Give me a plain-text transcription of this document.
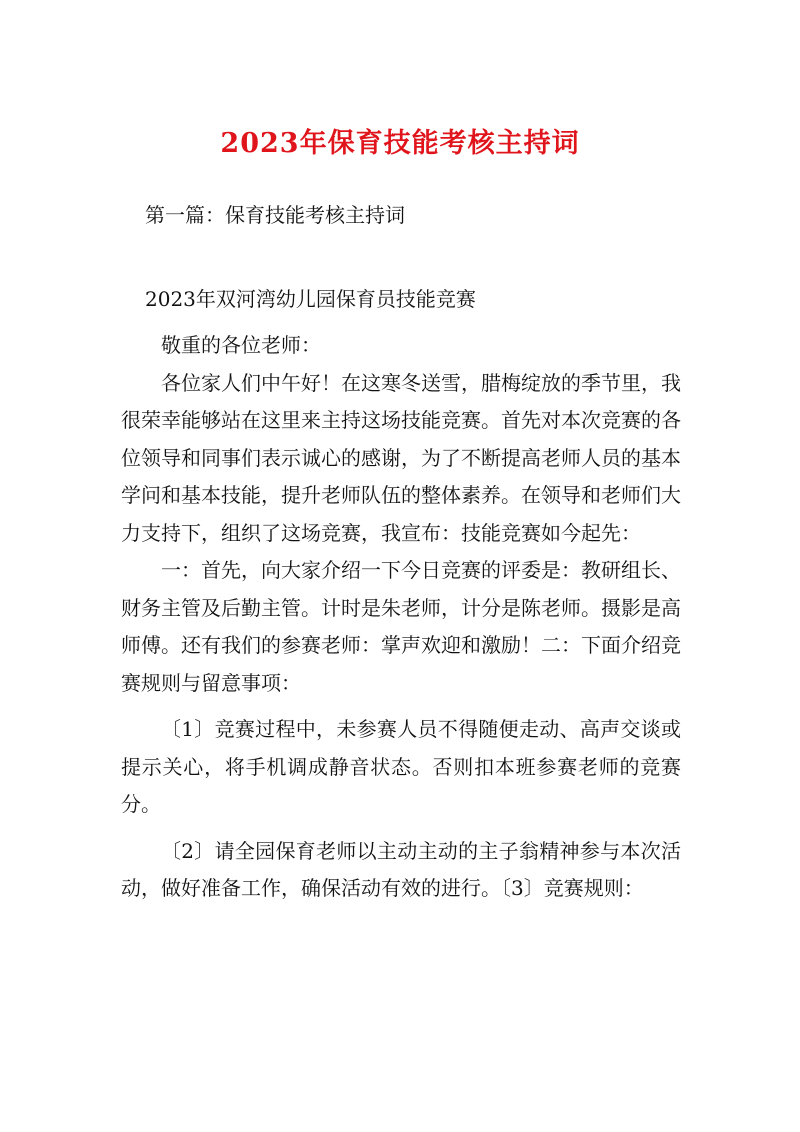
2023年保育技能考核主持词
第一篇：保育技能考核主持词
2023年双河湾幼儿园保育员技能竞赛

敬重的各位老师：

各位家人们中午好！在这寒冬送雪，腊梅绽放的季节里，我很荣幸能够站在这里来主持这场技能竞赛。首先对本次竞赛的各位领导和同事们表示诚心的感谢，为了不断提高老师人员的基本学问和基本技能，提升老师队伍的整体素养。在领导和老师们大力支持下，组织了这场竞赛，我宣布：技能竞赛如今起先：

一：首先，向大家介绍一下今日竞赛的评委是：教研组长、财务主管及后勤主管。计时是朱老师，计分是陈老师。摄影是高师傅。还有我们的参赛老师：掌声欢迎和激励！二：下面介绍竞赛规则与留意事项：

〔1〕竞赛过程中，未参赛人员不得随便走动、高声交谈或提示关心，将手机调成静音状态。否则扣本班参赛老师的竞赛分。

〔2〕请全园保育老师以主动主动的主子翁精神参与本次活动，做好准备工作，确保活动有效的进行。〔3〕竞赛规则：
